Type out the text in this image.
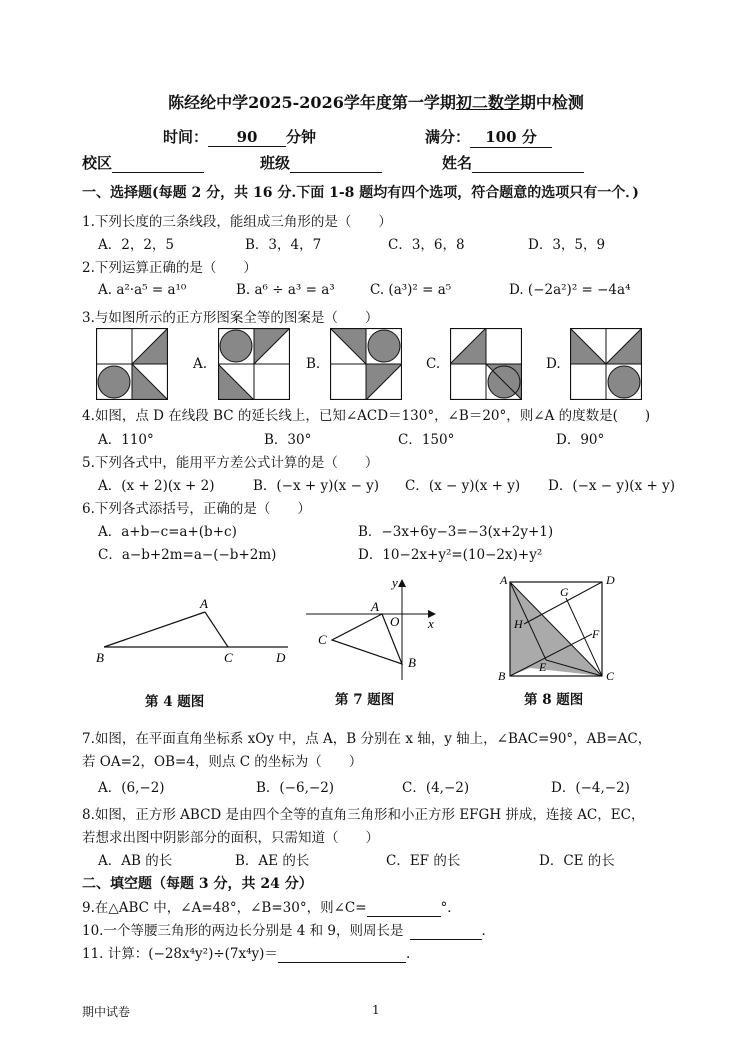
陈经纶中学2025-2026学年度第一学期初二数学期中检测
时间： 90 分钟	满分： 100 分
校区	班级	姓名
一、选择题(每题 2 分，共 16 分.下面 1-8 题均有四个选项，符合题意的选项只有一个．)
1.下列长度的三条线段，能组成三角形的是（　　）
A．2，2，5	B．3，4，7	C．3，6，8	D．3，5，9
2.下列运算正确的是（　　）
A. a²·a⁵ = a¹⁰	B. a⁶ ÷ a³ = a³	C. (a³)² = a⁵	D. (−2a²)² = −4a⁴
3.与如图所示的正方形图案全等的图案是（　　）
A.	B.	C.	D.
4.如图，点 D 在线段 BC 的延长线上，已知∠ACD＝130°，∠B＝20°，则∠A 的度数是(　　)
A．110°	B．30°	C．150°	D．90°
5.下列各式中，能用平方差公式计算的是（　　）
A．(x + 2)(x + 2)	B．(−x + y)(x − y) C．(x − y)(x + y) D．(−x − y)(x + y)
6.下列各式添括号，正确的是（　　）
A．a+b−c=a+(b+c)	B．−3x+6y−3=−3(x+2y+1)
C．a−b+2m=a−(−b+2m)	D．10−2x+y²=(10−2x)+y²
A
B	C	D
第 4 题图
y
A
O x
C
B
第 7 题图
A	D
G
H
F
E
B	C
第 8 题图
7.如图，在平面直角坐标系 xOy 中，点 A，B 分别在 x 轴，y 轴上，∠BAC=90°，AB=AC，
若 OA=2，OB=4，则点 C 的坐标为（　　）
A．(6,−2)	B．(−6,−2)	C．(4,−2)	D．(−4,−2)
8.如图，正方形 ABCD 是由四个全等的直角三角形和小正方形 EFGH 拼成，连接 AC，EC，
若想求出图中阴影部分的面积，只需知道（　　）
A．AB 的长	B．AE 的长	C．EF 的长	D．CE 的长
二、填空题（每题 3 分，共 24 分）
9.在△ABC 中，∠A=48°，∠B=30°，则∠C=	°．
10.一个等腰三角形的两边长分别是 4 和 9，则周长是	．
11. 计算：(−28x⁴y²)÷(7x⁴y)＝	.
期中试卷	1
